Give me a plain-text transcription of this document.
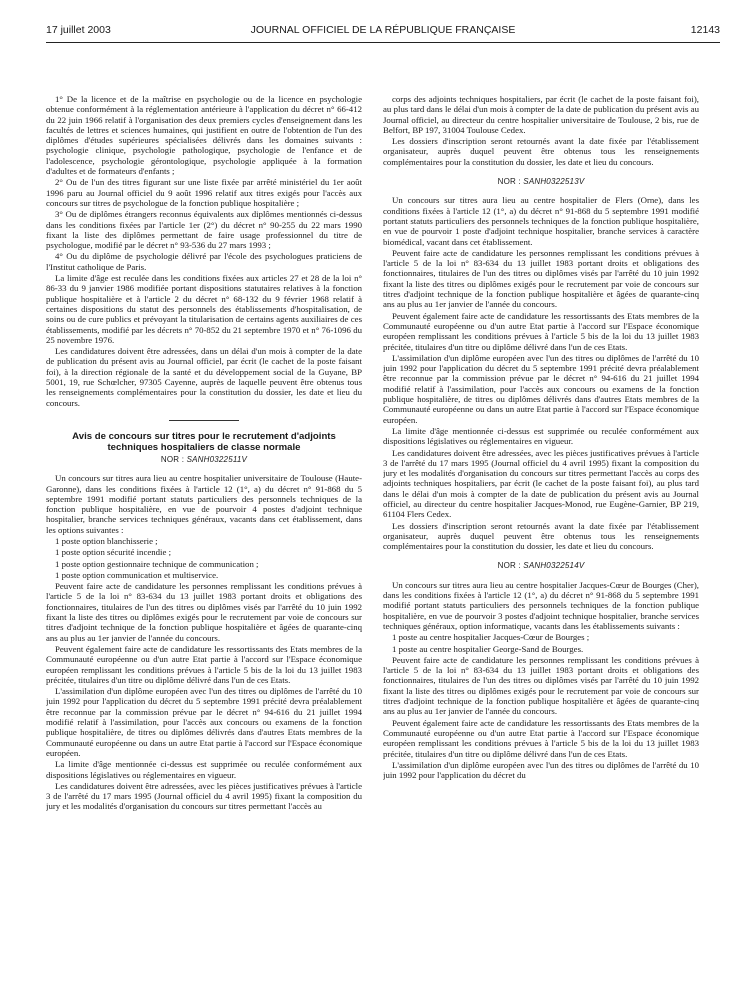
17 juillet 2003	JOURNAL OFFICIEL DE LA RÉPUBLIQUE FRANÇAISE	12143

1° De la licence et de la maîtrise en psychologie ou de la licence en psychologie obtenue conformément à la réglementation antérieure à l'application du décret n° 66-412 du 22 juin 1966 relatif à l'organisation des deux premiers cycles d'enseignement dans les facultés de lettres et sciences humaines, qui justifient en outre de l'obtention de l'un des diplômes d'études supérieures spécialisées délivrés dans les domaines suivants : psychologie clinique, psychologie pathologique, psychologie de l'enfance et de l'adolescence, psychologie gérontologique, psychologie appliquée à la formation d'adultes et de formateurs d'enfants ;

2° Ou de l'un des titres figurant sur une liste fixée par arrêté ministériel du 1er août 1996 paru au Journal officiel du 9 août 1996 relatif aux titres exigés pour l'accès aux concours sur titres de psychologue de la fonction publique hospitalière ;

3° Ou de diplômes étrangers reconnus équivalents aux diplômes mentionnés ci-dessus dans les conditions fixées par l'article 1er (2°) du décret n° 90-255 du 22 mars 1990 fixant la liste des diplômes permettant de faire usage professionnel du titre de psychologue, modifié par le décret n° 93-536 du 27 mars 1993 ;

4° Ou du diplôme de psychologie délivré par l'école des psychologues praticiens de l'Institut catholique de Paris.

La limite d'âge est reculée dans les conditions fixées aux articles 27 et 28 de la loi n° 86-33 du 9 janvier 1986 modifiée portant dispositions statutaires relatives à la fonction publique hospitalière et à l'article 2 du décret n° 68-132 du 9 février 1968 relatif à certaines dispositions du statut des personnels des établissements d'hospitalisation, de soins ou de cure publics et prévoyant la titularisation de certains agents auxiliaires de ces établissements, modifié par les décrets n° 70-852 du 21 septembre 1970 et n° 76-1096 du 25 novembre 1976.

Les candidatures doivent être adressées, dans un délai d'un mois à compter de la date de publication du présent avis au Journal officiel, par écrit (le cachet de la poste faisant foi), à la direction régionale de la santé et du développement social de la Guyane, BP 5001, 19, rue Schœlcher, 97305 Cayenne, auprès de laquelle peuvent être obtenus tous les renseignements complémentaires pour la constitution du dossier, les date et lieu du concours.

Avis de concours sur titres pour le recrutement d'adjoints techniques hospitaliers de classe normale
NOR : SANH0322511V

Un concours sur titres aura lieu au centre hospitalier universitaire de Toulouse (Haute-Garonne), dans les conditions fixées à l'article 12 (1°, a) du décret n° 91-868 du 5 septembre 1991 modifié portant statuts particuliers des personnels techniques de la fonction publique hospitalière, en vue de pourvoir 4 postes d'adjoint technique hospitalier, branche services techniques généraux, vacants dans cet établissement, dans les options suivantes :

1 poste option blanchisserie ;

1 poste option sécurité incendie ;

1 poste option gestionnaire technique de communication ;

1 poste option communication et multiservice.

Peuvent faire acte de candidature les personnes remplissant les conditions prévues à l'article 5 de la loi n° 83-634 du 13 juillet 1983 portant droits et obligations des fonctionnaires, titulaires de l'un des titres ou diplômes visés par l'arrêté du 10 juin 1992 fixant la liste des titres ou diplômes exigés pour le recrutement par voie de concours sur titres d'adjoint technique de la fonction publique hospitalière et âgées de quarante-cinq ans au plus au 1er janvier de l'année du concours.

Peuvent également faire acte de candidature les ressortissants des Etats membres de la Communauté européenne ou d'un autre Etat partie à l'accord sur l'Espace économique européen remplissant les conditions prévues à l'article 5 bis de la loi du 13 juillet 1983 précitée, titulaires d'un titre ou diplôme délivré dans l'un de ces Etats.

L'assimilation d'un diplôme européen avec l'un des titres ou diplômes de l'arrêté du 10 juin 1992 pour l'application du décret du 5 septembre 1991 précité devra préalablement être reconnue par la commission prévue par le décret n° 94-616 du 21 juillet 1994 modifié relatif à l'assimilation, pour l'accès aux concours ou examens de la fonction publique hospitalière, de titres ou diplômes délivrés dans d'autres Etats membres de la Communauté européenne ou dans un autre Etat partie à l'accord sur l'Espace économique européen.

La limite d'âge mentionnée ci-dessus est supprimée ou reculée conformément aux dispositions législatives ou réglementaires en vigueur.

Les candidatures doivent être adressées, avec les pièces justificatives prévues à l'article 3 de l'arrêté du 17 mars 1995 (Journal officiel du 4 avril 1995) fixant la composition du jury et les modalités d'organisation du concours sur titres permettant l'accès au

corps des adjoints techniques hospitaliers, par écrit (le cachet de la poste faisant foi), au plus tard dans le délai d'un mois à compter de la date de publication du présent avis au Journal officiel, au directeur du centre hospitalier universitaire de Toulouse, 2 bis, rue de Belfort, BP 197, 31004 Toulouse Cedex.

Les dossiers d'inscription seront retournés avant la date fixée par l'établissement organisateur, auprès duquel peuvent être obtenus tous les renseignements complémentaires pour la constitution du dossier, les date et lieu du concours.

NOR : SANH0322513V

Un concours sur titres aura lieu au centre hospitalier de Flers (Orne), dans les conditions fixées à l'article 12 (1°, a) du décret n° 91-868 du 5 septembre 1991 modifié portant statuts particuliers des personnels techniques de la fonction publique hospitalière, en vue de pourvoir 1 poste d'adjoint technique hospitalier, branche services à caractère biomédical, vacant dans cet établissement.

Peuvent faire acte de candidature les personnes remplissant les conditions prévues à l'article 5 de la loi n° 83-634 du 13 juillet 1983 portant droits et obligations des fonctionnaires, titulaires de l'un des titres ou diplômes visés par l'arrêté du 10 juin 1992 fixant la liste des titres ou diplômes exigés pour le recrutement par voie de concours sur titres d'adjoint technique de la fonction publique hospitalière et âgées de quarante-cinq ans au plus au 1er janvier de l'année du concours.

Peuvent également faire acte de candidature les ressortissants des Etats membres de la Communauté européenne ou d'un autre Etat partie à l'accord sur l'Espace économique européen remplissant les conditions prévues à l'article 5 bis de la loi du 13 juillet 1983 précitée, titulaires d'un titre ou diplôme délivré dans l'un de ces Etats.

L'assimilation d'un diplôme européen avec l'un des titres ou diplômes de l'arrêté du 10 juin 1992 pour l'application du décret du 5 septembre 1991 précité devra préalablement être reconnue par la commission prévue par le décret n° 94-616 du 21 juillet 1994 modifié relatif à l'assimilation, pour l'accès aux concours ou examens de la fonction publique hospitalière, de titres ou diplômes délivrés dans d'autres Etats membres de la Communauté européenne ou dans un autre Etat partie à l'accord sur l'Espace économique européen.

La limite d'âge mentionnée ci-dessus est supprimée ou reculée conformément aux dispositions législatives ou réglementaires en vigueur.

Les candidatures doivent être adressées, avec les pièces justificatives prévues à l'article 3 de l'arrêté du 17 mars 1995 (Journal officiel du 4 avril 1995) fixant la composition du jury et les modalités d'organisation du concours sur titres permettant l'accès au corps des adjoints techniques hospitaliers, par écrit (le cachet de la poste faisant foi), au plus tard dans le délai d'un mois à compter de la date de publication du présent avis au Journal officiel, au directeur du centre hospitalier Jacques-Monod, rue Eugène-Garnier, BP 219, 61104 Flers Cedex.

Les dossiers d'inscription seront retournés avant la date fixée par l'établissement organisateur, auprès duquel peuvent être obtenus tous les renseignements complémentaires pour la constitution du dossier, les date et lieu du concours.

NOR : SANH0322514V

Un concours sur titres aura lieu au centre hospitalier Jacques-Cœur de Bourges (Cher), dans les conditions fixées à l'article 12 (1°, a) du décret n° 91-868 du 5 septembre 1991 modifié portant statuts particuliers des personnels techniques de la fonction publique hospitalière, en vue de pourvoir 3 postes d'adjoint technique hospitalier, branche services techniques généraux, option informatique, vacants dans les établissements suivants :

1 poste au centre hospitalier Jacques-Cœur de Bourges ;

1 poste au centre hospitalier George-Sand de Bourges.

Peuvent faire acte de candidature les personnes remplissant les conditions prévues à l'article 5 de la loi n° 83-634 du 13 juillet 1983 portant droits et obligations des fonctionnaires, titulaires de l'un des titres ou diplômes visés par l'arrêté du 10 juin 1992 fixant la liste des titres ou diplômes exigés pour le recrutement par voie de concours sur titres d'adjoint technique de la fonction publique hospitalière et âgées de quarante-cinq ans au plus au 1er janvier de l'année du concours.

Peuvent également faire acte de candidature les ressortissants des Etats membres de la Communauté européenne ou d'un autre Etat partie à l'accord sur l'Espace économique européen remplissant les conditions prévues à l'article 5 bis de la loi du 13 juillet 1983 précitée, titulaires d'un titre ou diplôme délivré dans l'un de ces Etats.

L'assimilation d'un diplôme européen avec l'un des titres ou diplômes de l'arrêté du 10 juin 1992 pour l'application du décret du
